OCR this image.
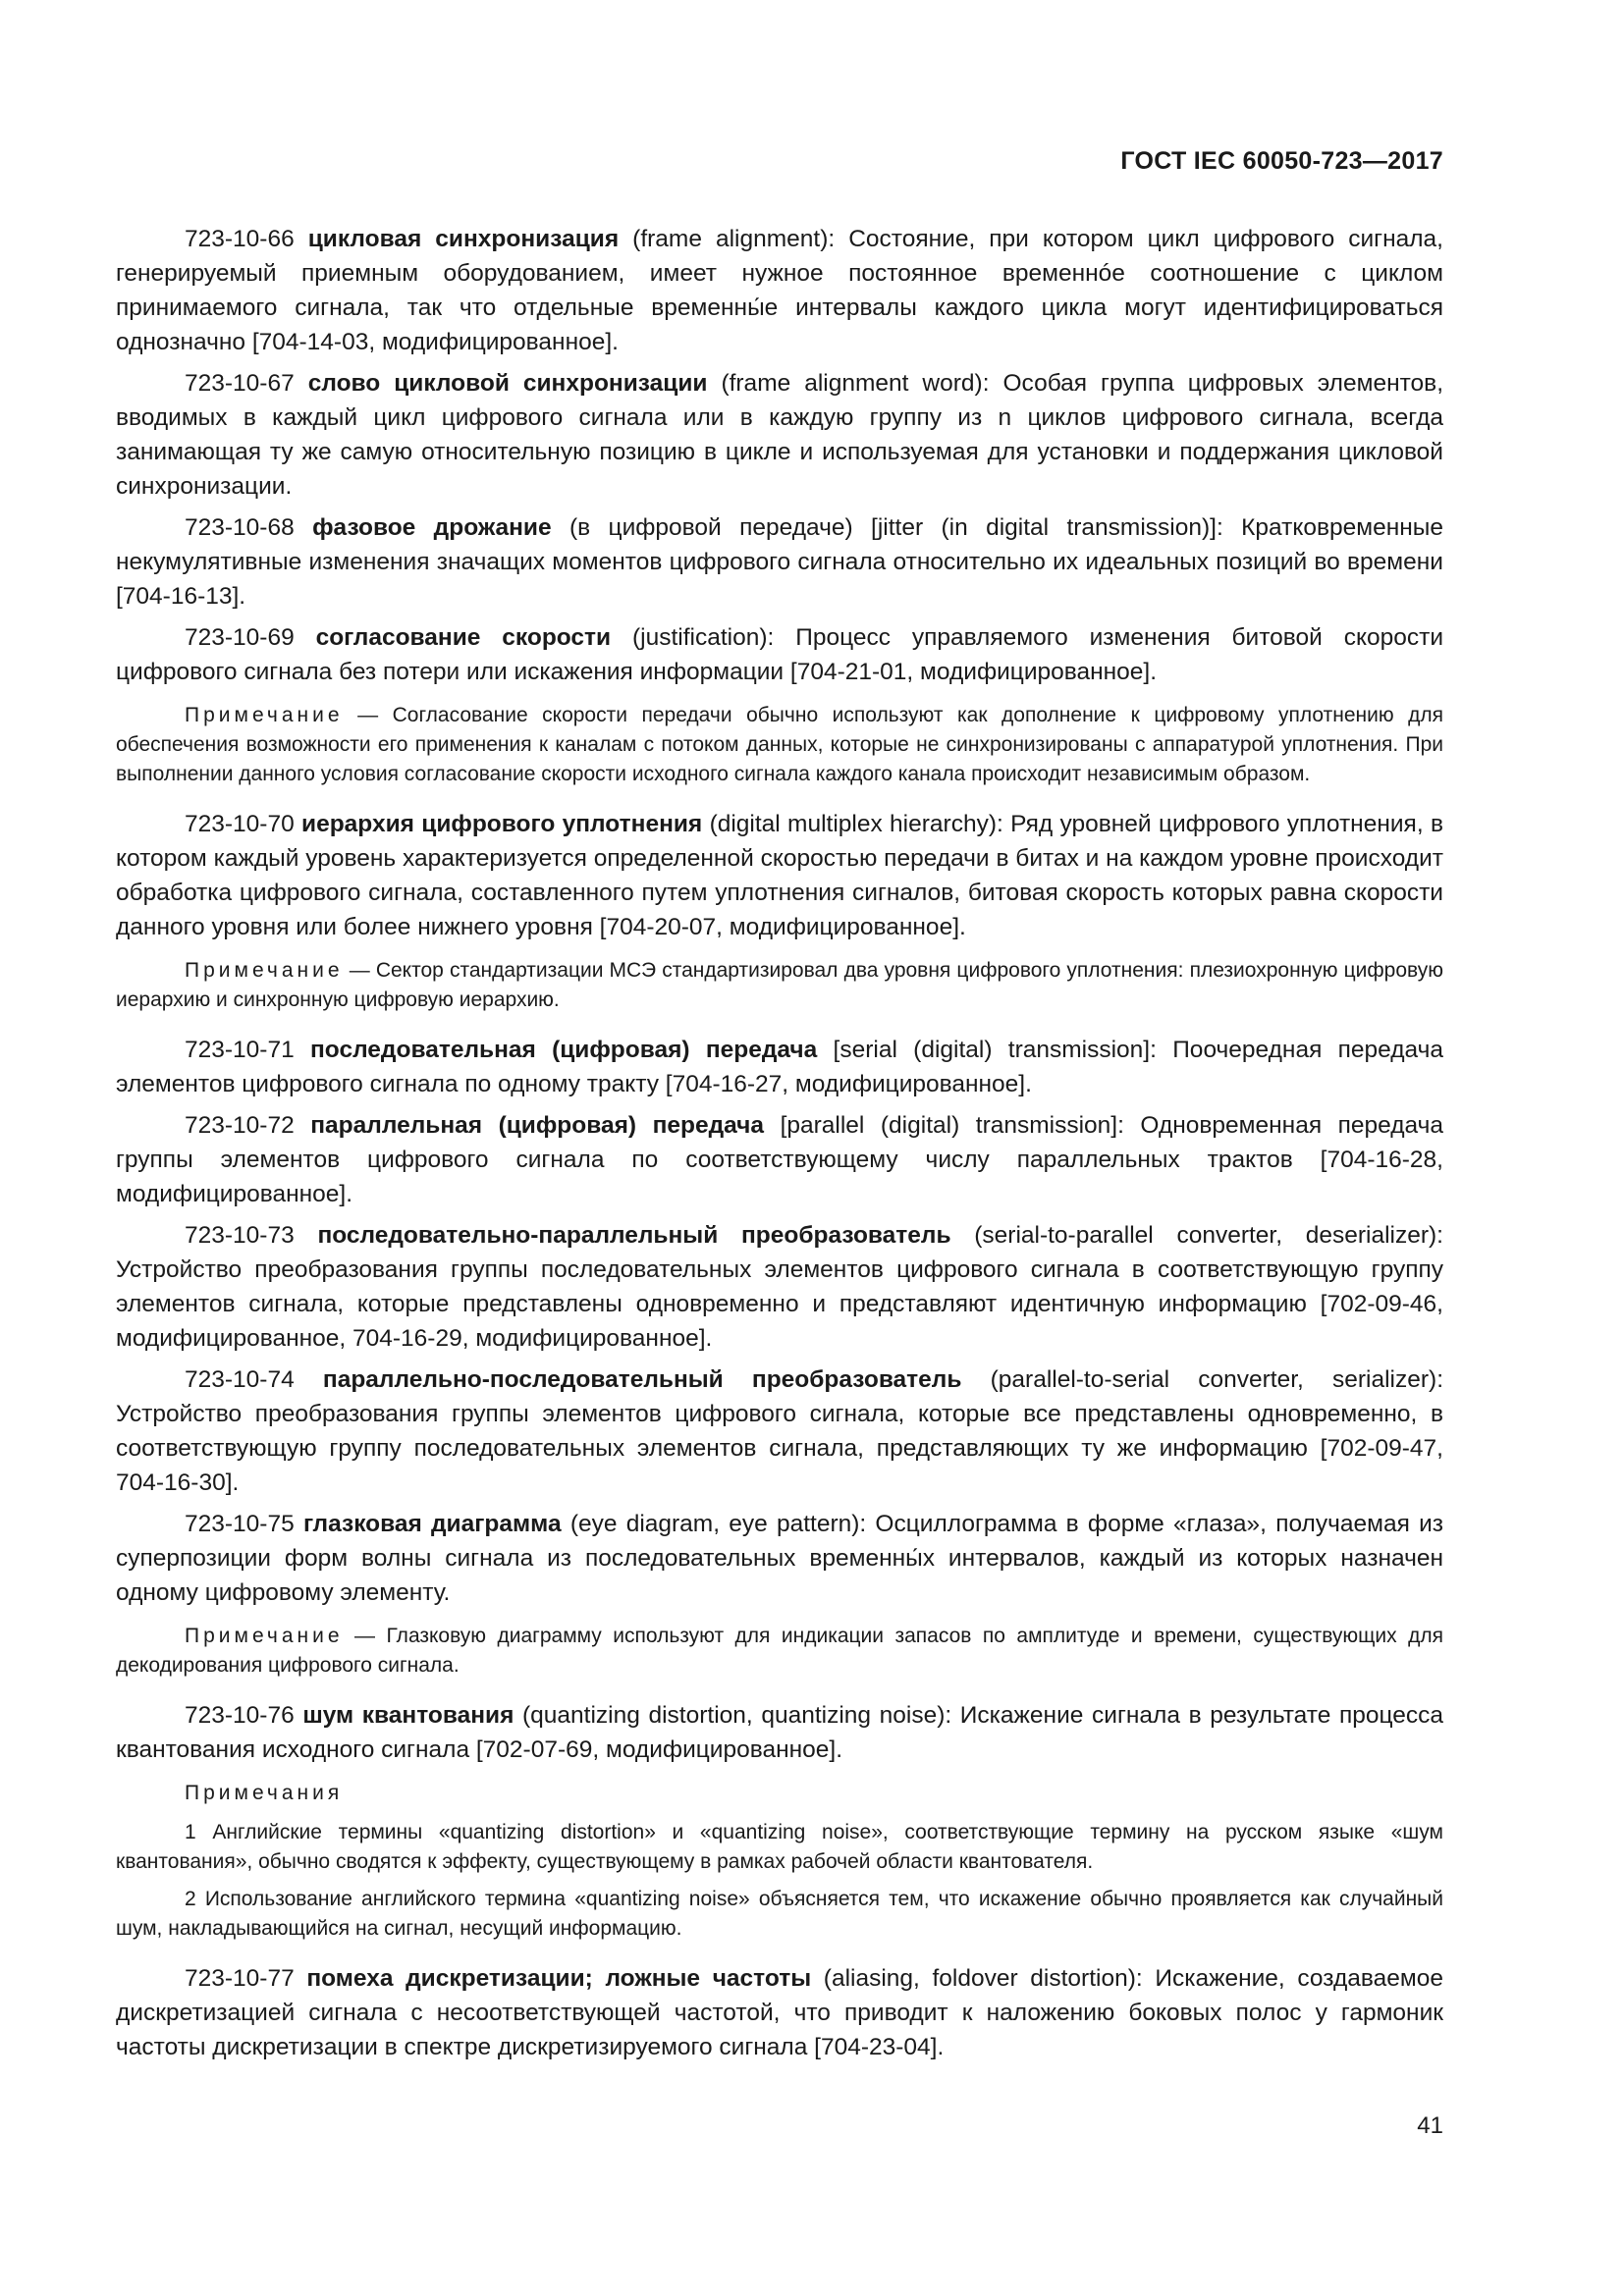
ГОСТ IEC 60050-723—2017

723-10-66 цикловая синхронизация (frame alignment): Состояние, при котором цикл цифрового сигнала, генерируемый приемным оборудованием, имеет нужное постоянное временнóе соотношение с циклом принимаемого сигнала, так что отдельные временны́е интервалы каждого цикла могут идентифицироваться однозначно [704-14-03, модифицированное].

723-10-67 слово цикловой синхронизации (frame alignment word): Особая группа цифровых элементов, вводимых в каждый цикл цифрового сигнала или в каждую группу из n циклов цифрового сигнала, всегда занимающая ту же самую относительную позицию в цикле и используемая для установки и поддержания цикловой синхронизации.

723-10-68 фазовое дрожание (в цифровой передаче) [jitter (in digital transmission)]: Кратковременные некумулятивные изменения значащих моментов цифрового сигнала относительно их идеальных позиций во времени [704-16-13].

723-10-69 согласование скорости (justification): Процесс управляемого изменения битовой скорости цифрового сигнала без потери или искажения информации [704-21-01, модифицированное].

Примечание — Согласование скорости передачи обычно используют как дополнение к цифровому уплотнению для обеспечения возможности его применения к каналам с потоком данных, которые не синхронизированы с аппаратурой уплотнения. При выполнении данного условия согласование скорости исходного сигнала каждого канала происходит независимым образом.

723-10-70 иерархия цифрового уплотнения (digital multiplex hierarchy): Ряд уровней цифрового уплотнения, в котором каждый уровень характеризуется определенной скоростью передачи в битах и на каждом уровне происходит обработка цифрового сигнала, составленного путем уплотнения сигналов, битовая скорость которых равна скорости данного уровня или более нижнего уровня [704-20-07, модифицированное].

Примечание — Сектор стандартизации МСЭ стандартизировал два уровня цифрового уплотнения: плезиохронную цифровую иерархию и синхронную цифровую иерархию.

723-10-71 последовательная (цифровая) передача [serial (digital) transmission]: Поочередная передача элементов цифрового сигнала по одному тракту [704-16-27, модифицированное].

723-10-72 параллельная (цифровая) передача [parallel (digital) transmission]: Одновременная передача группы элементов цифрового сигнала по соответствующему числу параллельных трактов [704-16-28, модифицированное].

723-10-73 последовательно-параллельный преобразователь (serial-to-parallel converter, deserializer): Устройство преобразования группы последовательных элементов цифрового сигнала в соответствующую группу элементов сигнала, которые представлены одновременно и представляют идентичную информацию [702-09-46, модифицированное, 704-16-29, модифицированное].

723-10-74 параллельно-последовательный преобразователь (parallel-to-serial converter, serializer): Устройство преобразования группы элементов цифрового сигнала, которые все представлены одновременно, в соответствующую группу последовательных элементов сигнала, представляющих ту же информацию [702-09-47, 704-16-30].

723-10-75 глазковая диаграмма (eye diagram, eye pattern): Осциллограмма в форме «глаза», получаемая из суперпозиции форм волны сигнала из последовательных временны́х интервалов, каждый из которых назначен одному цифровому элементу.

Примечание — Глазковую диаграмму используют для индикации запасов по амплитуде и времени, существующих для декодирования цифрового сигнала.

723-10-76 шум квантования (quantizing distortion, quantizing noise): Искажение сигнала в результате процесса квантования исходного сигнала [702-07-69, модифицированное].

Примечания
1 Английские термины «quantizing distortion» и «quantizing noise», соответствующие термину на русском языке «шум квантования», обычно сводятся к эффекту, существующему в рамках рабочей области квантователя.
2 Использование английского термина «quantizing noise» объясняется тем, что искажение обычно проявляется как случайный шум, накладывающийся на сигнал, несущий информацию.

723-10-77 помеха дискретизации; ложные частоты (aliasing, foldover distortion): Искажение, создаваемое дискретизацией сигнала с несоответствующей частотой, что приводит к наложению боковых полос у гармоник частоты дискретизации в спектре дискретизируемого сигнала [704-23-04].

41
